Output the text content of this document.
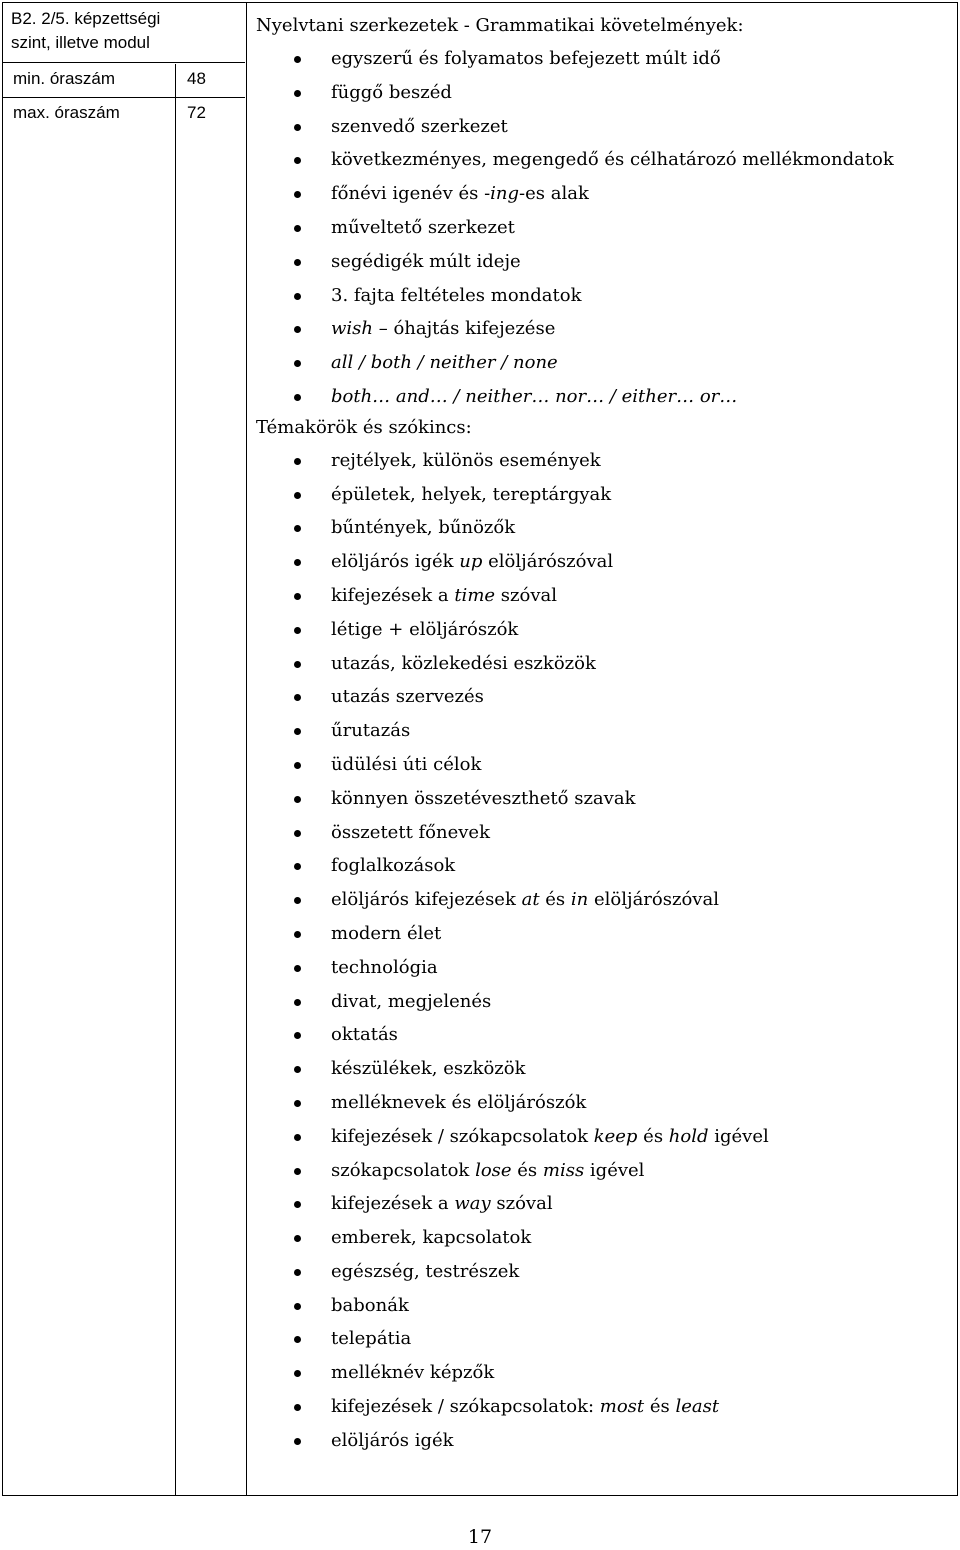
B2. 2/5. képzettségi
szint, illetve modul
min. óraszám	48
max. óraszám	72
Nyelvtani szerkezetek - Grammatikai követelmények:
egyszerű és folyamatos befejezett múlt idő
függő beszéd
szenvedő szerkezet
következményes, megengedő és célhatározó mellékmondatok
főnévi igenév és -ing-es alak
műveltető szerkezet
segédigék múlt ideje
3. fajta feltételes mondatok
wish – óhajtás kifejezése
all / both / neither / none
both… and… / neither… nor… / either… or…
Témakörök és szókincs:
rejtélyek, különös események
épületek, helyek, tereptárgyak
bűntények, bűnözők
elöljárós igék up elöljárószóval
kifejezések a time szóval
létige + elöljárószók
utazás, közlekedési eszközök
utazás szervezés
űrutazás
üdülési úti célok
könnyen összetéveszthető szavak
összetett főnevek
foglalkozások
elöljárós kifejezések at és in elöljárószóval
modern élet
technológia
divat, megjelenés
oktatás
készülékek, eszközök
melléknevek és elöljárószók
kifejezések / szókapcsolatok keep és hold igével
szókapcsolatok lose és miss igével
kifejezések a way szóval
emberek, kapcsolatok
egészség, testrészek
babonák
telepátia
melléknév képzők
kifejezések / szókapcsolatok: most és least
elöljárós igék
17
